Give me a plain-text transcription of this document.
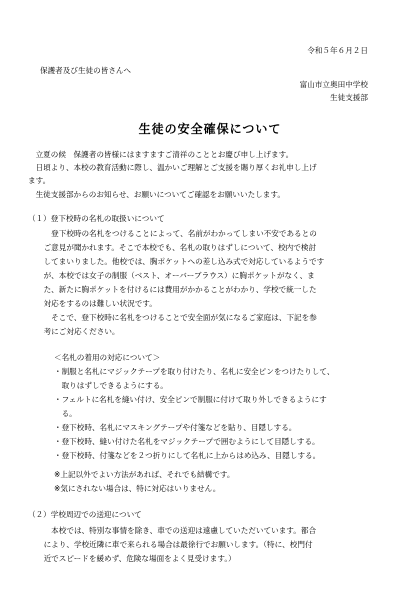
令和５年６月２日
保護者及び生徒の皆さんへ
富山市立奥田中学校
生徒支援部
生徒の安全確保について
　立夏の候　保護者の皆様にはますますご清祥のこととお慶び申し上げます。
　日頃より、本校の教育活動に際し、温かいご理解とご支援を賜り厚くお礼申し上げ
ます。
　生徒支援部からのお知らせ、お願いについてご確認をお願いいたします。
（１）登下校時の名札の取扱いについて
　　登下校時の名札をつけることによって、名前がわかってしまい不安であるとの
　ご意見が聞かれます。そこで本校でも、名札の取りはずしについて、校内で検討
　してまいりました。他校では、胸ポケットへの差し込み式で対応しているようです
　が、本校では女子の制服（ベスト、オーバーブラウス）に胸ポケットがなく、ま
　た、新たに胸ポケットを付けるには費用がかかることがわかり、学校で統一した
　対応をするのは難しい状況です。
　　そこで、登下校時に名札をつけることで安全面が気になるご家庭は、下記を参
　考にご対応ください。
＜名札の着用の対応について＞
・制服と名札にマジックテープを取り付けたり、名札に安全ピンをつけたりして、
　取りはずしできるようにする。
・フェルトに名札を縫い付け、安全ピンで制服に付けて取り外しできるようにす
　る。
・登下校時、名札にマスキングテープや付箋などを貼り、目隠しする。
・登下校時、縫い付けた名札をマジックテープで囲むようにして目隠しする。
・登下校時、付箋などを２つ折りにして名札に上からはめ込み、目隠しする。
※上記以外でよい方法があれば、それでも結構です。
※気にされない場合は、特に対応はいりません。
（２）学校周辺での送迎について
　　本校では、特別な事情を除き、車での送迎は遠慮していただいています。都合
　により、学校近隣に車で来られる場合は最徐行でお願いします。（特に、校門付
　近でスピードを緩めず、危険な場面をよく見受けます。）
